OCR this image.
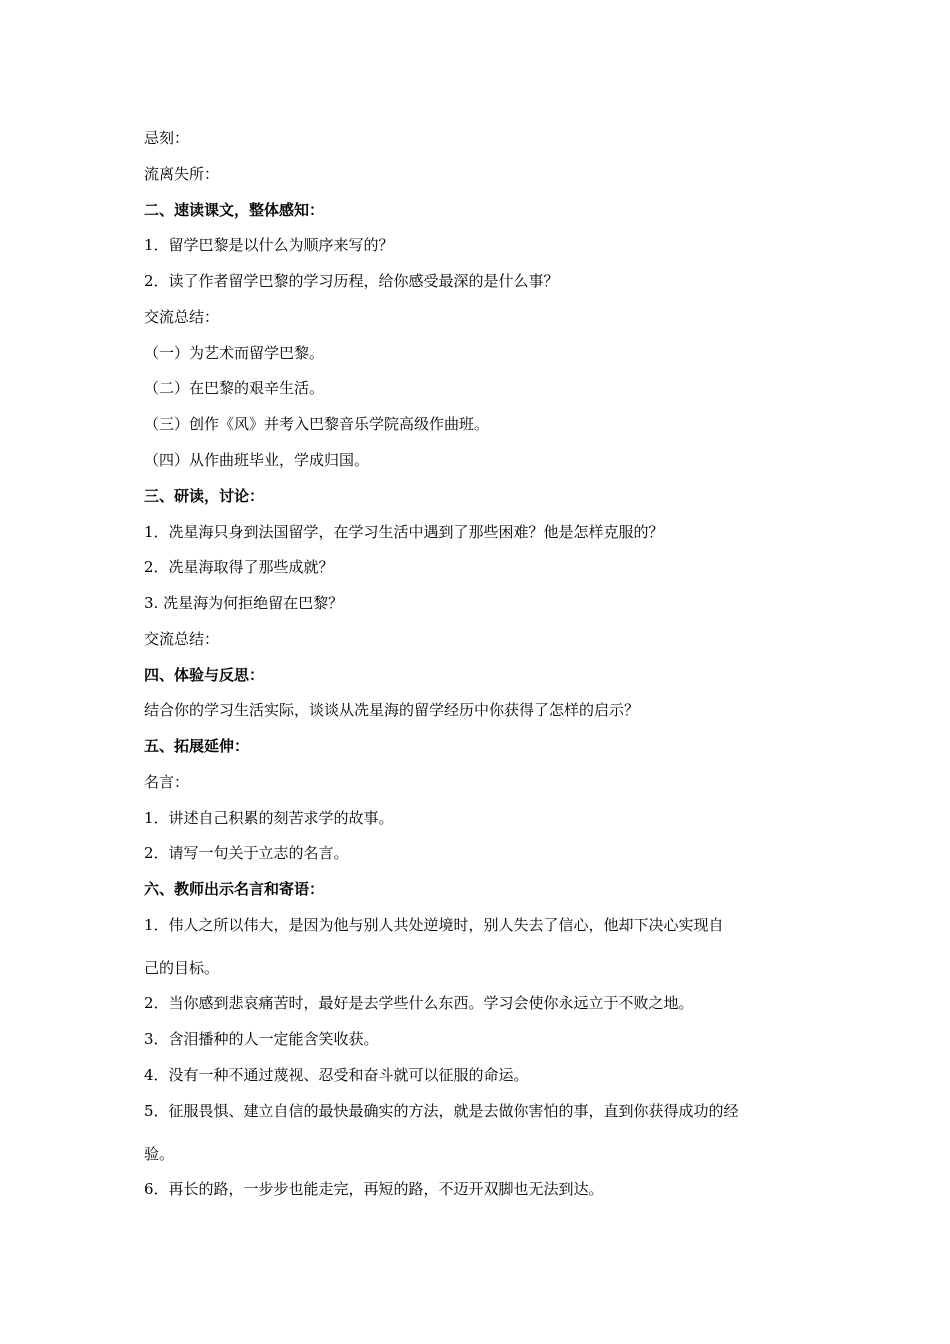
忌刻：
流离失所：
二、速读课文，整体感知：
1．留学巴黎是以什么为顺序来写的？
2．读了作者留学巴黎的学习历程，给你感受最深的是什么事？
交流总结：
（一）为艺术而留学巴黎。
（二）在巴黎的艰辛生活。
（三）创作《风》并考入巴黎音乐学院高级作曲班。
（四）从作曲班毕业，学成归国。
三、研读，讨论：
1．冼星海只身到法国留学，在学习生活中遇到了那些困难？他是怎样克服的？
2．冼星海取得了那些成就？
3. 冼星海为何拒绝留在巴黎？
交流总结：
四、体验与反思：
结合你的学习生活实际，谈谈从冼星海的留学经历中你获得了怎样的启示？
五、拓展延伸：
名言：
1．讲述自己积累的刻苦求学的故事。
2．请写一句关于立志的名言。
六、教师出示名言和寄语：
1．伟人之所以伟大，是因为他与别人共处逆境时，别人失去了信心，他却下决心实现自
己的目标。
2．当你感到悲哀痛苦时，最好是去学些什么东西。学习会使你永远立于不败之地。
3．含泪播种的人一定能含笑收获。
4．没有一种不通过蔑视、忍受和奋斗就可以征服的命运。
5．征服畏惧、建立自信的最快最确实的方法，就是去做你害怕的事，直到你获得成功的经
验。
6．再长的路，一步步也能走完，再短的路，不迈开双脚也无法到达。
